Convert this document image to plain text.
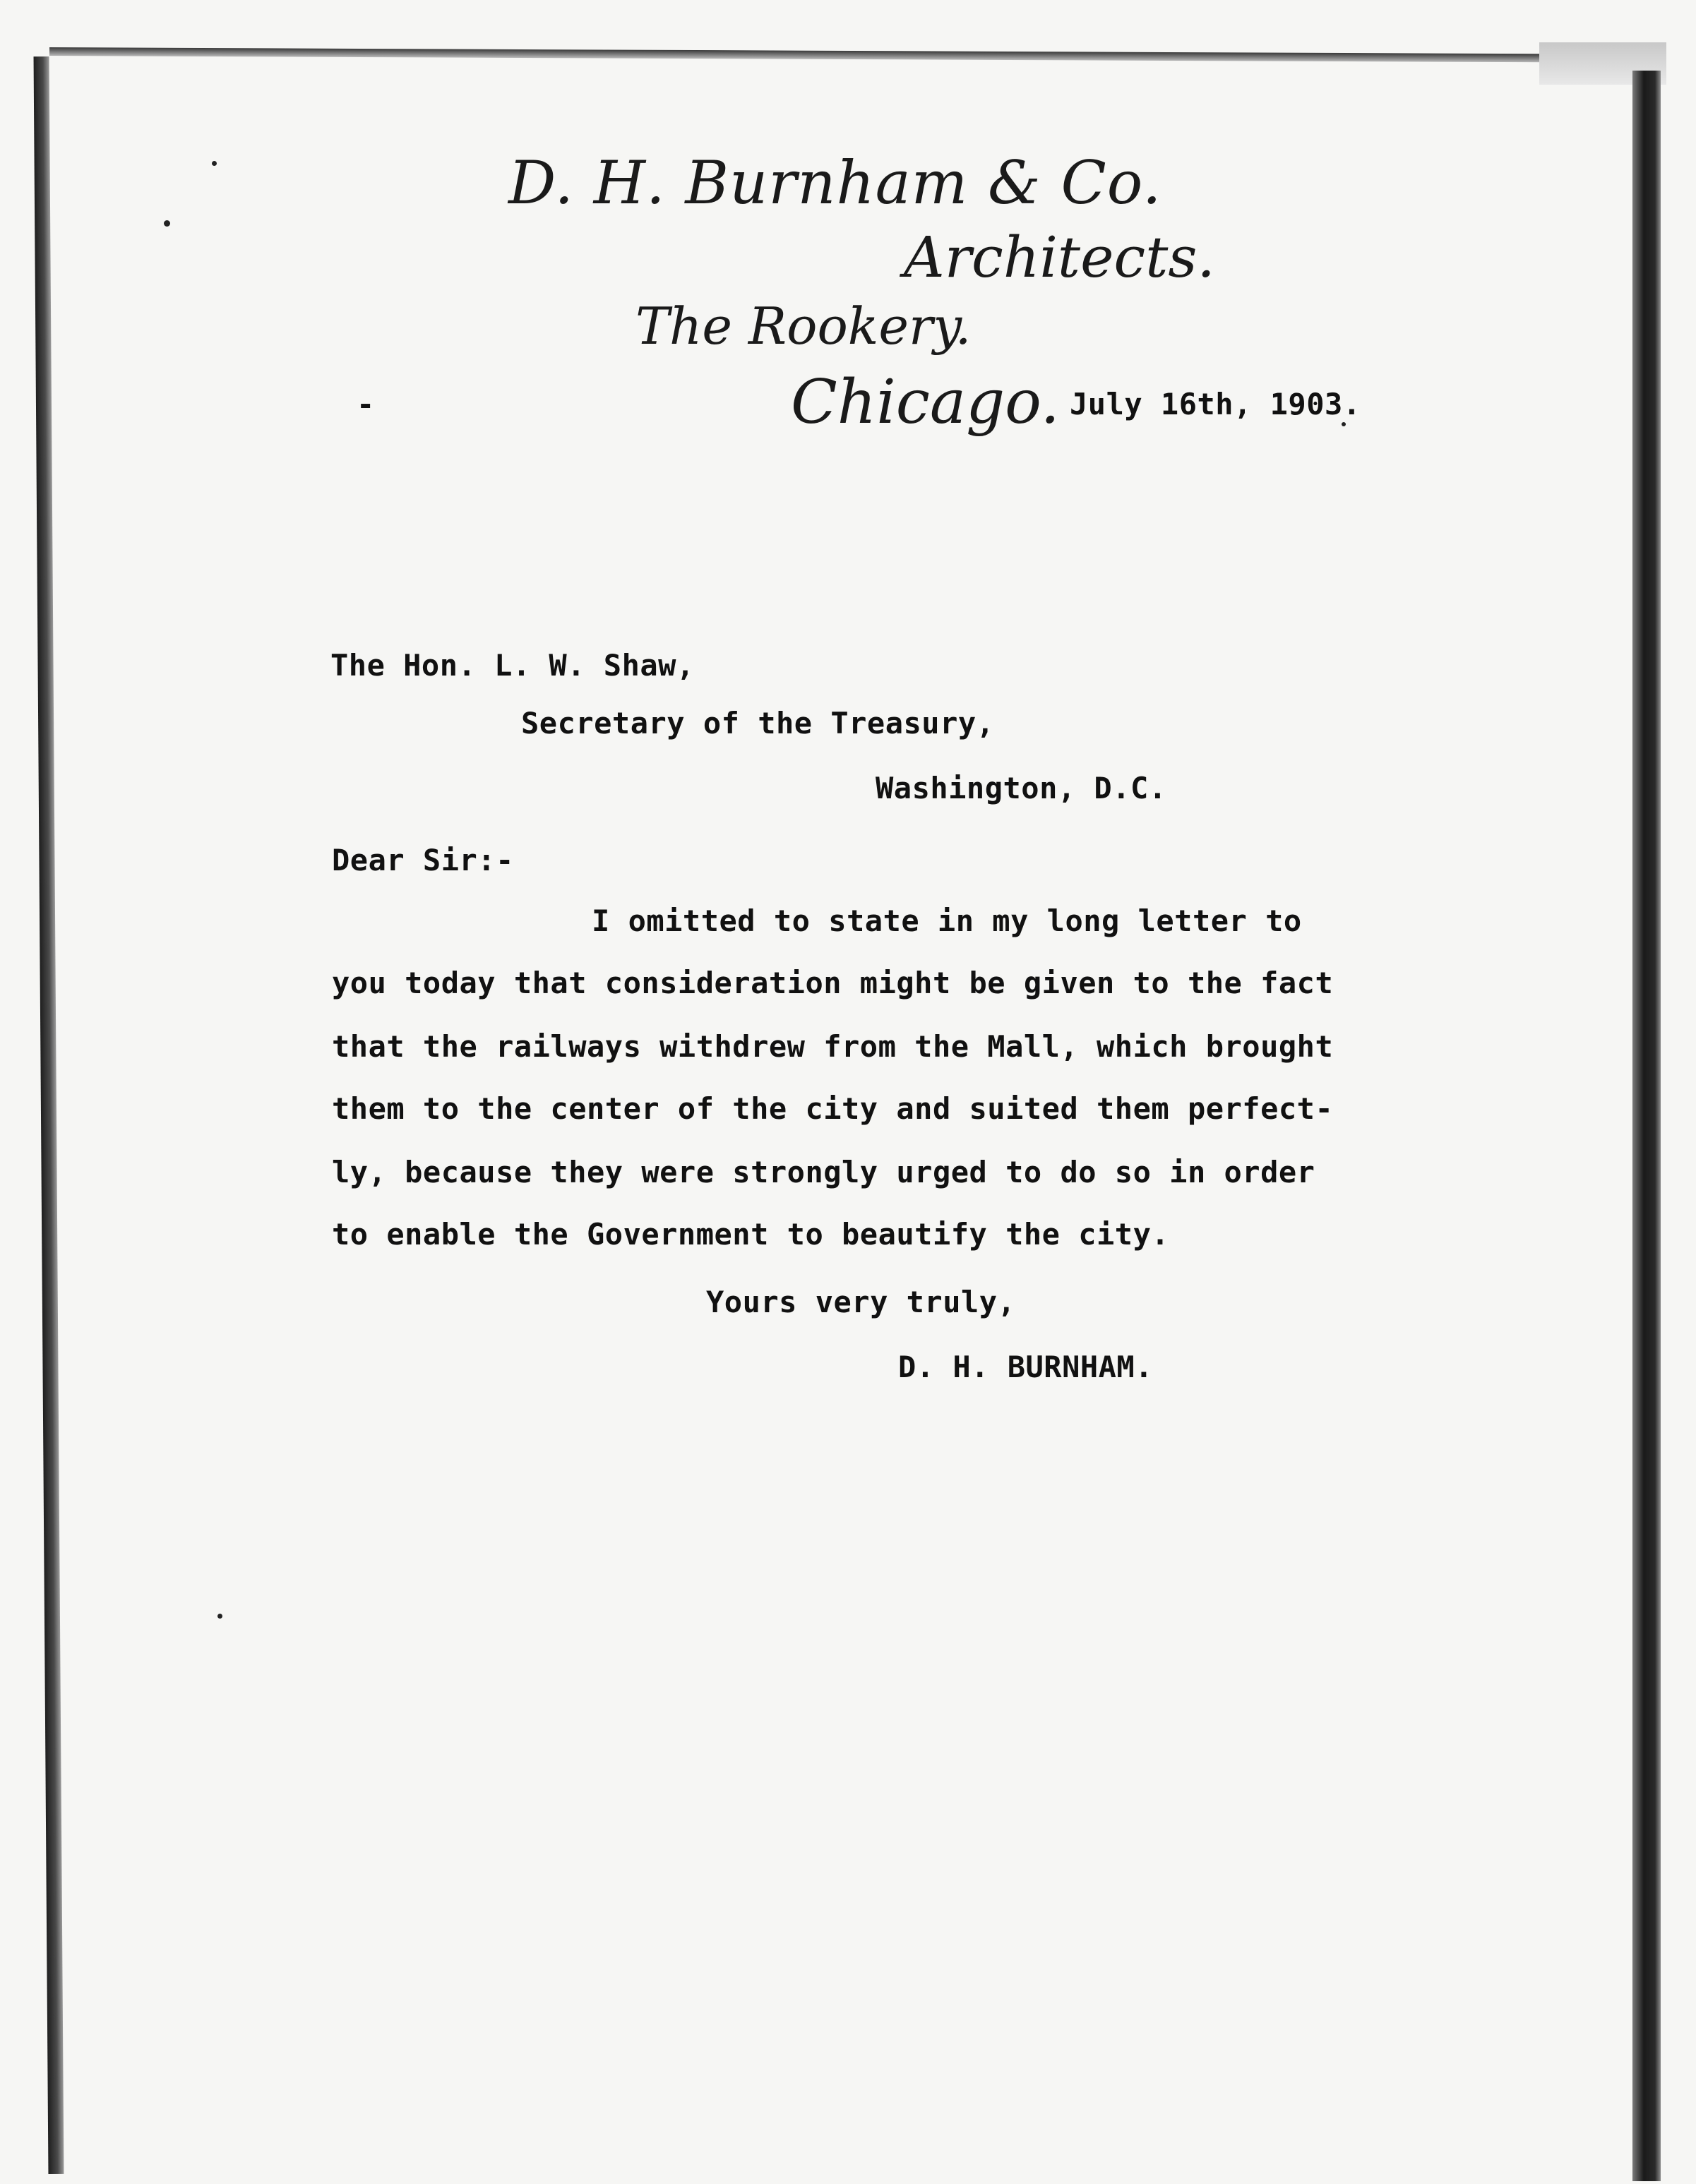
D. H. Burnham & Co.
Architects.
The Rookery.
Chicago.
-	July 16th, 1903.
The Hon. L. W. Shaw,
Secretary of the Treasury,
Washington, D.C.
Dear Sir:-
I omitted to state in my long letter to
you today that consideration might be given to the fact
that the railways withdrew from the Mall, which brought
them to the center of the city and suited them perfect-
ly, because they were strongly urged to do so in order
to enable the Government to beautify the city.
Yours very truly,
D. H. BURNHAM.
